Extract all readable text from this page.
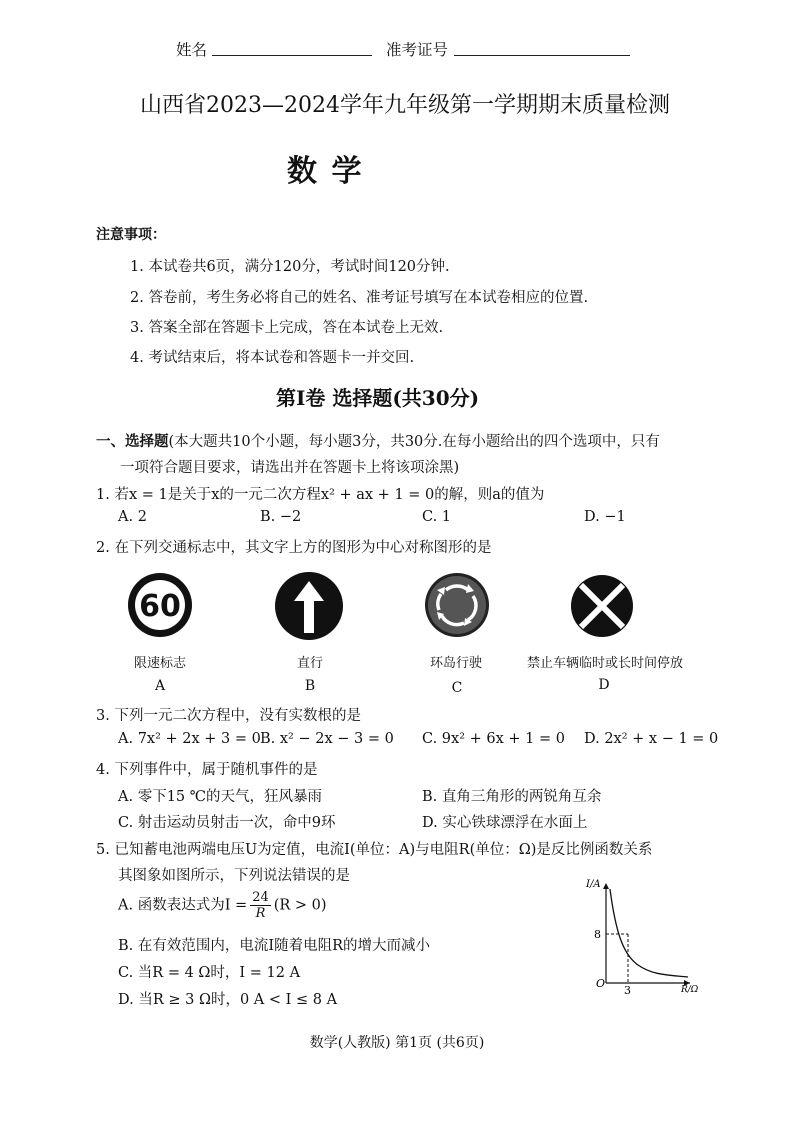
姓名	准考证号
山西省2023—2024学年九年级第一学期期末质量检测
数 学
注意事项：
1. 本试卷共6页，满分120分，考试时间120分钟.
2. 答卷前，考生务必将自己的姓名、准考证号填写在本试卷相应的位置.
3. 答案全部在答题卡上完成，答在本试卷上无效.
4. 考试结束后，将本试卷和答题卡一并交回.
第Ⅰ卷 选择题(共30分)
一、选择题(本大题共10个小题，每小题3分，共30分.在每小题给出的四个选项中，只有
一项符合题目要求，请选出并在答题卡上将该项涂黑)
1. 若x = 1是关于x的一元二次方程x² + ax + 1 = 0的解，则a的值为
A. 2	B. −2	C. 1	D. −1
2. 在下列交通标志中，其文字上方的图形为中心对称图形的是
60
限速标志	直行	环岛行驶	禁止车辆临时或长时间停放
A	B	C	D
3. 下列一元二次方程中，没有实数根的是
A. 7x² + 2x + 3 = 0 B. x² − 2x − 3 = 0 C. 9x² + 6x + 1 = 0 D. 2x² + x − 1 = 0
4. 下列事件中，属于随机事件的是
A. 零下15 ℃的天气，狂风暴雨	B. 直角三角形的两锐角互余
C. 射击运动员射击一次，命中9环	D. 实心铁球漂浮在水面上
5. 已知蓄电池两端电压U为定值，电流I(单位：A)与电阻R(单位：Ω)是反比例函数关系
其图象如图所示，下列说法错误的是
A. 函数表达式为$I = \frac{24}{R} (R > 0)$
B. 在有效范围内，电流I随着电阻R的增大而减小
C. 当R = 4 Ω时，I = 12 A
D. 当R ≥ 3 Ω时，0 A < I ≤ 8 A
I/A
R/Ω
O
8
3
数学(人教版) 第1页 (共6页)
